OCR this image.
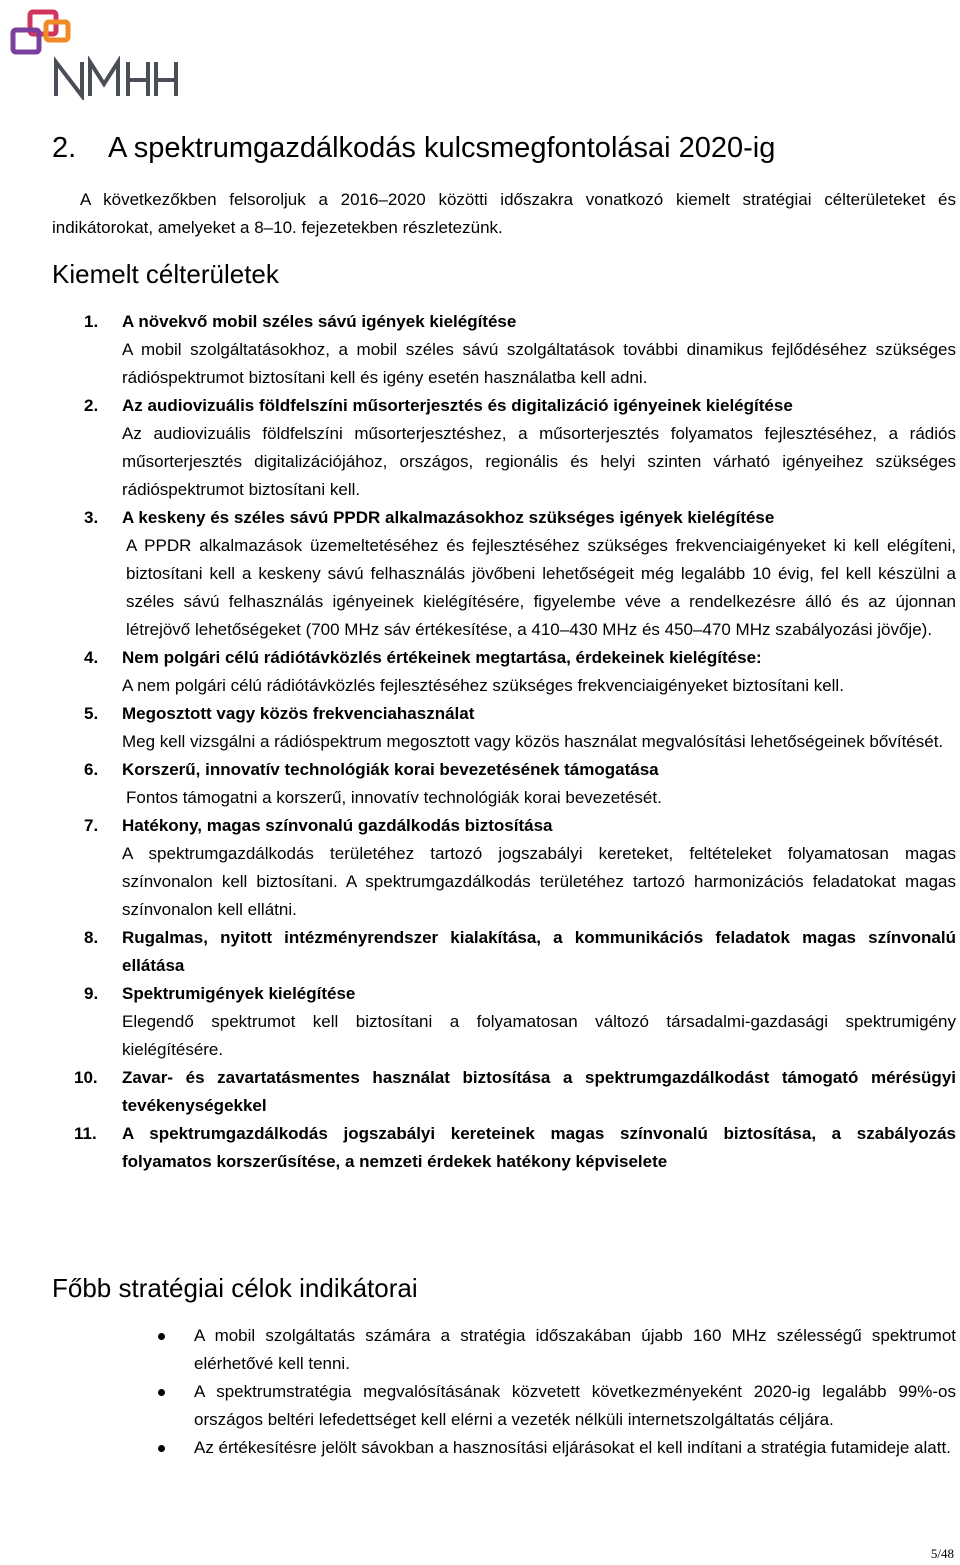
2. A spektrumgazdálkodás kulcsmegfontolásai 2020-ig

A következőkben felsoroljuk a 2016–2020 közötti időszakra vonatkozó kiemelt stratégiai célterületeket és indikátorokat, amelyeket a 8–10. fejezetekben részletezünk.

Kiemelt célterületek
1. A növekvő mobil széles sávú igények kielégítése
A mobil szolgáltatásokhoz, a mobil széles sávú szolgáltatások további dinamikus fejlődéséhez szükséges rádióspektrumot biztosítani kell és igény esetén használatba kell adni.
2. Az audiovizuális földfelszíni műsorterjesztés és digitalizáció igényeinek kielégítése
Az audiovizuális földfelszíni műsorterjesztéshez, a műsorterjesztés folyamatos fejlesztéséhez, a rádiós műsorterjesztés digitalizációjához, országos, regionális és helyi szinten várható igényeihez szükséges rádióspektrumot biztosítani kell.
3. A keskeny és széles sávú PPDR alkalmazásokhoz szükséges igények kielégítése
A PPDR alkalmazások üzemeltetéséhez és fejlesztéséhez szükséges frekvenciaigényeket ki kell elégíteni, biztosítani kell a keskeny sávú felhasználás jövőbeni lehetőségeit még legalább 10 évig, fel kell készülni a széles sávú felhasználás igényeinek kielégítésére, figyelembe véve a rendelkezésre álló és az újonnan létrejövő lehetőségeket (700 MHz sáv értékesítése, a 410–430 MHz és 450–470 MHz szabályozási jövője).
4. Nem polgári célú rádiótávközlés értékeinek megtartása, érdekeinek kielégítése:
A nem polgári célú rádiótávközlés fejlesztéséhez szükséges frekvenciaigényeket biztosítani kell.
5. Megosztott vagy közös frekvenciahasználat
Meg kell vizsgálni a rádióspektrum megosztott vagy közös használat megvalósítási lehetőségeinek bővítését.
6. Korszerű, innovatív technológiák korai bevezetésének támogatása
Fontos támogatni a korszerű, innovatív technológiák korai bevezetését.
7. Hatékony, magas színvonalú gazdálkodás biztosítása
A spektrumgazdálkodás területéhez tartozó jogszabályi kereteket, feltételeket folyamatosan magas színvonalon kell biztosítani. A spektrumgazdálkodás területéhez tartozó harmonizációs feladatokat magas színvonalon kell ellátni.
8. Rugalmas, nyitott intézményrendszer kialakítása, a kommunikációs feladatok magas színvonalú ellátása
9. Spektrumigények kielégítése
Elegendő spektrumot kell biztosítani a folyamatosan változó társadalmi-gazdasági spektrumigény kielégítésére.
10. Zavar- és zavartatásmentes használat biztosítása a spektrumgazdálkodást támogató mérésügyi tevékenységekkel
11. A spektrumgazdálkodás jogszabályi kereteinek magas színvonalú biztosítása, a szabályozás folyamatos korszerűsítése, a nemzeti érdekek hatékony képviselete
Főbb stratégiai célok indikátorai
A mobil szolgáltatás számára a stratégia időszakában újabb 160 MHz szélességű spektrumot elérhetővé kell tenni.
A spektrumstratégia megvalósításának közvetett következményeként 2020-ig legalább 99%-os országos beltéri lefedettséget kell elérni a vezeték nélküli internetszolgáltatás céljára.
Az értékesítésre jelölt sávokban a hasznosítási eljárásokat el kell indítani a stratégia futamideje alatt.
5/48
